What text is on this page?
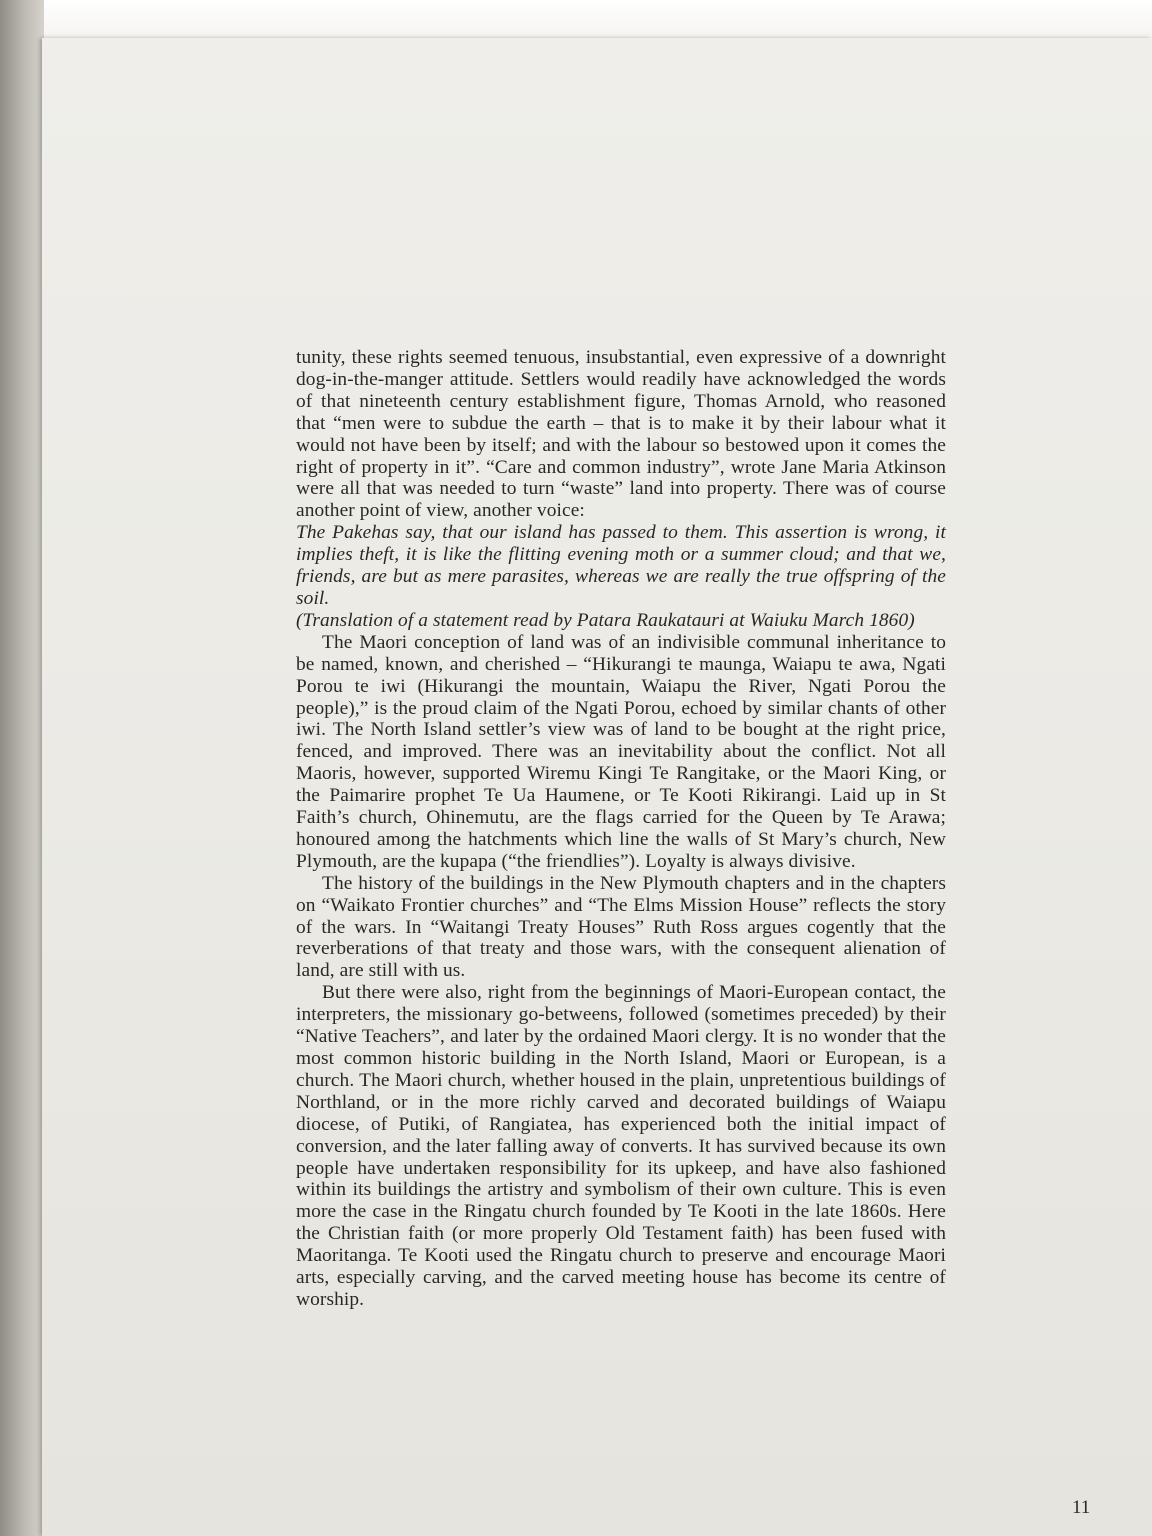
tunity, these rights seemed tenuous, insubstantial, even expressive of a downright dog-in-the-manger attitude. Settlers would readily have acknowledged the words of that nineteenth century establishment figure, Thomas Arnold, who reasoned that “men were to subdue the earth – that is to make it by their labour what it would not have been by itself; and with the labour so bestowed upon it comes the right of property in it”. “Care and common industry”, wrote Jane Maria Atkinson were all that was needed to turn “waste” land into property. There was of course another point of view, another voice:

The Pakehas say, that our island has passed to them. This assertion is wrong, it implies theft, it is like the flitting evening moth or a summer cloud; and that we, friends, are but as mere parasites, whereas we are really the true offspring of the soil.

(Translation of a statement read by Patara Raukatauri at Waiuku March 1860)

The Maori conception of land was of an indivisible communal inheritance to be named, known, and cherished – “Hikurangi te maunga, Waiapu te awa, Ngati Porou te iwi (Hikurangi the mountain, Waiapu the River, Ngati Porou the people),” is the proud claim of the Ngati Porou, echoed by similar chants of other iwi. The North Island settler’s view was of land to be bought at the right price, fenced, and improved. There was an inevitability about the conflict. Not all Maoris, however, supported Wiremu Kingi Te Rangitake, or the Maori King, or the Paimarire prophet Te Ua Haumene, or Te Kooti Rikirangi. Laid up in St Faith’s church, Ohinemutu, are the flags carried for the Queen by Te Arawa; honoured among the hatchments which line the walls of St Mary’s church, New Plymouth, are the kupapa (“the friendlies”). Loyalty is always divisive.

The history of the buildings in the New Plymouth chapters and in the chapters on “Waikato Frontier churches” and “The Elms Mission House” reflects the story of the wars. In “Waitangi Treaty Houses” Ruth Ross argues cogently that the reverberations of that treaty and those wars, with the consequent alienation of land, are still with us.

But there were also, right from the beginnings of Maori-European contact, the interpreters, the missionary go-betweens, followed (sometimes preceded) by their “Native Teachers”, and later by the ordained Maori clergy. It is no wonder that the most common historic building in the North Island, Maori or European, is a church. The Maori church, whether housed in the plain, unpretentious buildings of Northland, or in the more richly carved and decorated buildings of Waiapu diocese, of Putiki, of Rangiatea, has experienced both the initial impact of conversion, and the later falling away of converts. It has survived because its own people have undertaken responsibility for its upkeep, and have also fashioned within its buildings the artistry and symbolism of their own culture. This is even more the case in the Ringatu church founded by Te Kooti in the late 1860s. Here the Christian faith (or more properly Old Testament faith) has been fused with Maoritanga. Te Kooti used the Ringatu church to preserve and encourage Maori arts, especially carving, and the carved meeting house has become its centre of worship.

11
